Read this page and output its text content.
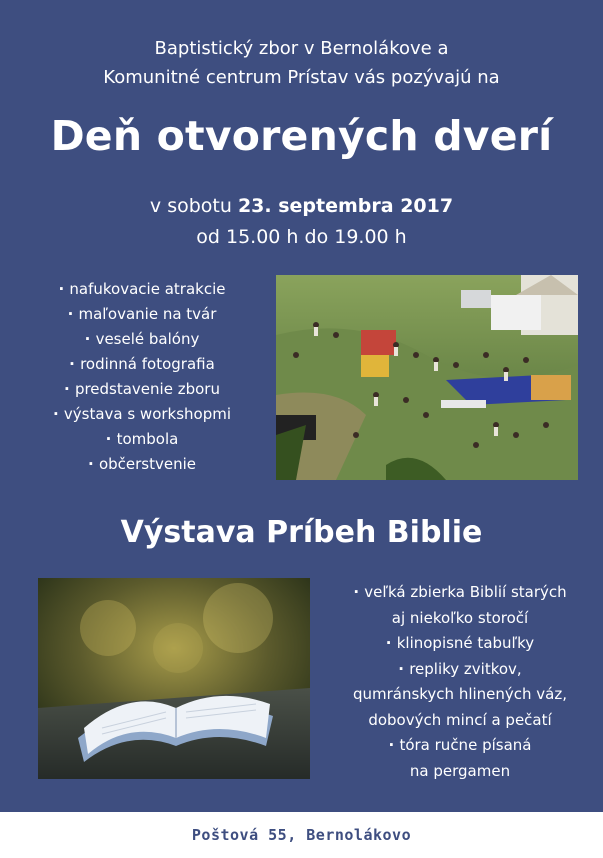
Baptistický zbor v Bernolákove a
Komunitné centrum Prístav vás pozývajú na
Deň otvorených dverí
v sobotu 23. septembra 2017
od 15.00 h do 19.00 h
· nafukovacie atrakcie
· maľovanie na tvár
· veselé balóny
· rodinná fotografia
· predstavenie zboru
· výstava s workshopmi
· tombola
· občerstvenie
Výstava Príbeh Biblie
· veľká zbierka Biblií starých
aj niekoľko storočí
· klinopisné tabuľky
· repliky zvitkov,
qumránskych hlinených váz,
dobových mincí a pečatí
· tóra ručne písaná
na pergamen
Poštová 55, Bernolákovo
